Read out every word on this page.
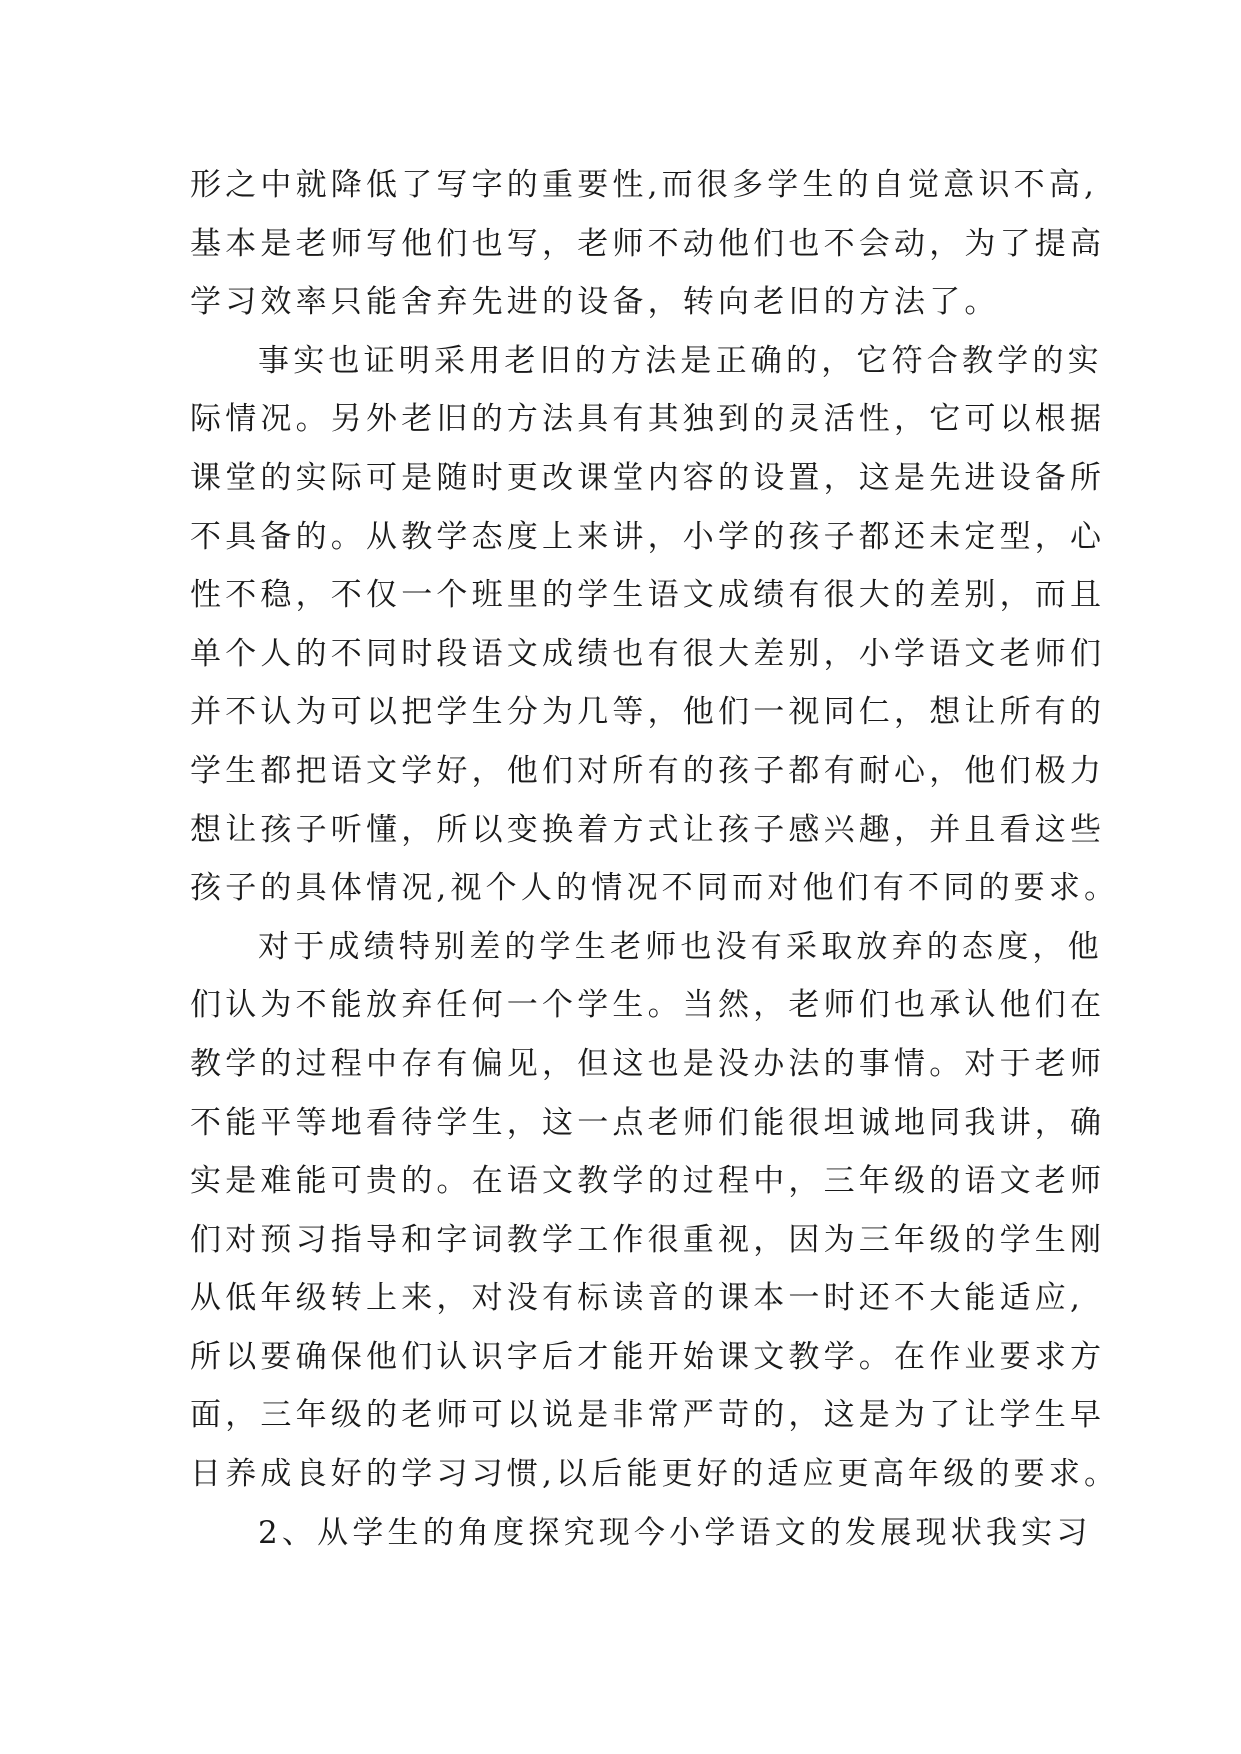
形之中就降低了写字的重要性,而很多学生的自觉意识不高,
基本是老师写他们也写，老师不动他们也不会动，为了提高
学习效率只能舍弃先进的设备，转向老旧的方法了。
事实也证明采用老旧的方法是正确的，它符合教学的实
际情况。另外老旧的方法具有其独到的灵活性，它可以根据
课堂的实际可是随时更改课堂内容的设置，这是先进设备所
不具备的。从教学态度上来讲，小学的孩子都还未定型，心
性不稳，不仅一个班里的学生语文成绩有很大的差别，而且
单个人的不同时段语文成绩也有很大差别，小学语文老师们
并不认为可以把学生分为几等，他们一视同仁，想让所有的
学生都把语文学好，他们对所有的孩子都有耐心，他们极力
想让孩子听懂，所以变换着方式让孩子感兴趣，并且看这些
孩子的具体情况,视个人的情况不同而对他们有不同的要求。
对于成绩特别差的学生老师也没有采取放弃的态度，他
们认为不能放弃任何一个学生。当然，老师们也承认他们在
教学的过程中存有偏见，但这也是没办法的事情。对于老师
不能平等地看待学生，这一点老师们能很坦诚地同我讲，确
实是难能可贵的。在语文教学的过程中，三年级的语文老师
们对预习指导和字词教学工作很重视，因为三年级的学生刚
从低年级转上来，对没有标读音的课本一时还不大能适应,
所以要确保他们认识字后才能开始课文教学。在作业要求方
面，三年级的老师可以说是非常严苛的，这是为了让学生早
日养成良好的学习习惯,以后能更好的适应更高年级的要求。
2、从学生的角度探究现今小学语文的发展现状我实习
